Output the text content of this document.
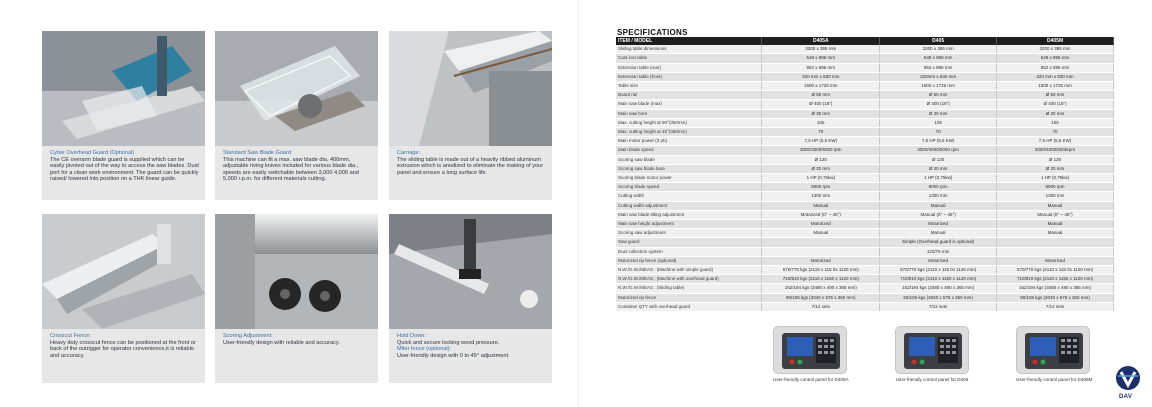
Cyber Overhead Guard (Optional)
The CE overarm blade guard is supplied which can be easily pivoted out of the way to access the saw blades. Dust port for a clean work environment. The guard can be quickly raised/ lowered into position on a THK linear guide.
Standard Saw Blade Guard
This machine can fit a max. saw blade dia. 400mm, adjustable riving knives included for various blade dia., speeds are easily switchable between 3,000 4,000 and 5,000 r.p.m. for different materials cutting.
Carriage:
The sliding table is made out of a heavily ribbed aluminum extrusion which is anodized to eliminate the making of your panel and ensure a long surface life.
Crosscut Fence:
Heavy duty crosscut fence can be positioned at the front or back of the outrigger for operator convenience,it is reliable and accuracy.
Scoring Adjustment:
User-friendly design with reliable and accuracy.
Hold Down:
Quick and secure locking wood pressure.
Miter fence (optional):
User-friendly design with 0 to 45° adjustment.
SPECIFICATIONS
ITEM / MODEL	D405A	D405	D405M
Sliding table dimensions	3200 x 395 mm	3200 x 395 mm	3200 x 395 mm
Cast iron table	548 x 896 mm	548 x 896 mm	548 x 896 mm
Extension table (rear)	952 x 896 mm	952 x 896 mm	952 x 896 mm
Extension table (front)	320 mm x 830 mm	320mm x 830 mm	320 mm x 830 mm
Table size	1500 x 1726 mm	1500 x 1726 mm	1500 x 1726 mm
Board rail	Ø 50 mm	Ø 50 mm	Ø 50 mm
Main saw blade (max)	Ø 400 (16")	Ø 400 (16")	Ø 400 (16")
Main saw bore	Ø 30 mm	Ø 30 mm	Ø 30 mm
Max. cutting height at 90°(350mm)	105	105	105
Max. cutting height at 45°(350mm)	70	70	70
Main motor power (3 ph)	7,5 HP (5,5 KW)	7,5 HP (5,5 KW)	7,5 HP (5,5 KW)
Main blade speed	3000/4000/5000 rpm	3000/4000/5000 rpm	3000/4000/5000rpm
Scoring saw blade	Ø 120	Ø 120	Ø 120
Scoring saw blade bore	Ø 20 mm	Ø 20 mm	Ø 20 mm
Scoring blade motor power	1 HP (0,75kw)	1 HP (0,75kw)	1 HP (0,75kw)
Scoring blade speed	8000 rpm	8000 rpm	8000 rpm
Cutting width	1300 mm	1300 mm	1300 mm
Cutting width adjustment	Manual	Manual	Manual
Main saw blade tilting adjustment	Motorized (0° ~ 45°)	Manual (0° ~ 45°)	Manual (0° ~ 45°)
Main saw height adjustment	Motorized	Motorized	Manual
Scoring saw adjustment	Manual	Manual	Manual
Saw guard		Simple (Overhead guard is optional)	
Dust collection system		120/75 mm	
Motorized rip fence (optional)	Motorized	Motorized	Motorized
N.W./G.W./MEAS : (Machine with simple guard)	670/770 kgs (2110 x 115 0x 1120 mm)	670/770 kgs (2110 x 115 0x 1120 mm)	670/770 kgs (2110 x 115 0x 1120 mm)
N.W./G.W./MEAS : (Machine with overhead guard)	710/810 kgs (2110 x 1150 x 1120 mm)	710/810 kgs (2110 x 1150 x 1120 mm)	710/810 kgs (2110 x 1150 x 1120 mm)
N.W./G.W./MEAS : (Sliding table)	162/194 kgs (3480 x 490 x 365 mm)	162/194 kgs (3480 x 490 x 365 mm)	162/194 kgs (3480 x 490 x 365 mm)
Motorized rip fence	80/106 kgs (2040 x 575 x 360 mm)	80/106 kgs (2040 x 575 x 360 mm)	80/106 kgs (2040 x 575 x 360 mm)
Container QTY with overhead guard	7/12 sets	7/12 sets	7/12 sets
User-friendly control panel for D405A	User-friendly control panel for D405	User-friendly control panel for D405M
DAV
